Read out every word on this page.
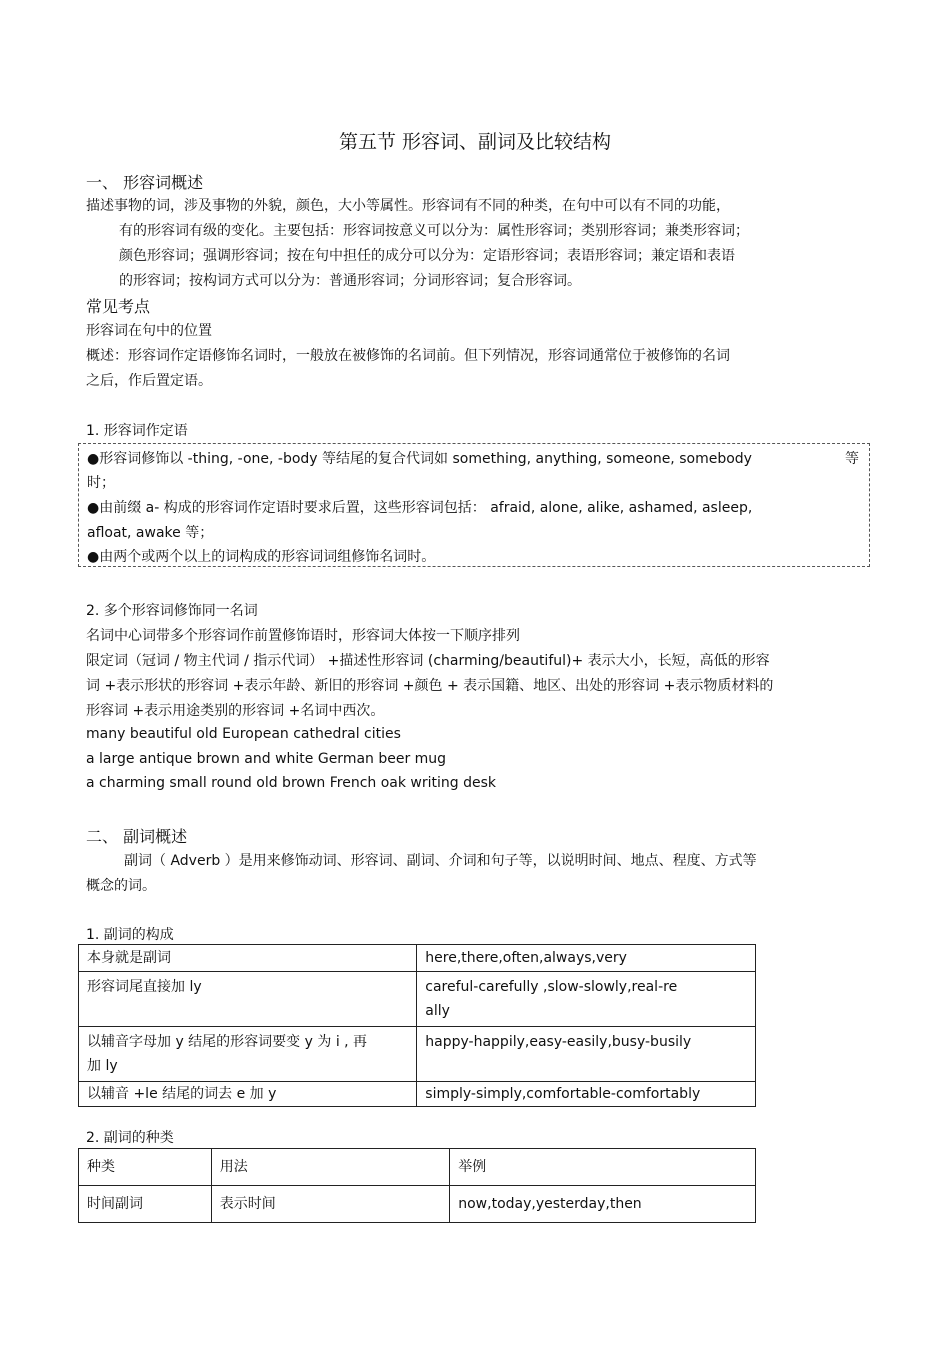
第五节 形容词、副词及比较结构
一、 形容词概述
描述事物的词，涉及事物的外貌，颜色，大小等属性。形容词有不同的种类，在句中可以有不同的功能，
有的形容词有级的变化。主要包括：形容词按意义可以分为：属性形容词；类别形容词；兼类形容词；
颜色形容词；强调形容词；按在句中担任的成分可以分为：定语形容词；表语形容词；兼定语和表语
的形容词；按构词方式可以分为：普通形容词；分词形容词；复合形容词。
常见考点
形容词在句中的位置
概述：形容词作定语修饰名词时，一般放在被修饰的名词前。但下列情况，形容词通常位于被修饰的名词
之后，作后置定语。
1. 形容词作定语
●形容词修饰以 -thing, -one, -body 等结尾的复合代词如 something, anything, someone, somebody	等
时；
●由前缀 a- 构成的形容词作定语时要求后置，这些形容词包括： afraid, alone, alike, ashamed, asleep,
afloat, awake 等；
●由两个或两个以上的词构成的形容词词组修饰名词时。
2. 多个形容词修饰同一名词
名词中心词带多个形容词作前置修饰语时，形容词大体按一下顺序排列
限定词（冠词 / 物主代词 / 指示代词） +描述性形容词 (charming/beautiful)+ 表示大小，长短，高低的形容
词 +表示形状的形容词 +表示年龄、新旧的形容词 +颜色 + 表示国籍、地区、出处的形容词 +表示物质材料的
形容词 +表示用途类别的形容词 +名词中西次。
many beautiful old European cathedral cities
a large antique brown and white German beer mug
a charming small round old brown French oak writing desk
二、 副词概述
副词（ Adverb ）是用来修饰动词、形容词、副词、介词和句子等，以说明时间、地点、程度、方式等
概念的词。
1. 副词的构成
本身就是副词	here,there,often,always,very
形容词尾直接加 ly	careful-carefully ,slow-slowly,real-re
ally
以辅音字母加 y 结尾的形容词要变 y 为 i , 再
加 ly	happy-happily,easy-easily,busy-busily
以辅音 +le 结尾的词去 e 加 y	simply-simply,comfortable-comfortably
2. 副词的种类
种类	用法	举例
时间副词	表示时间	now,today,yesterday,then
